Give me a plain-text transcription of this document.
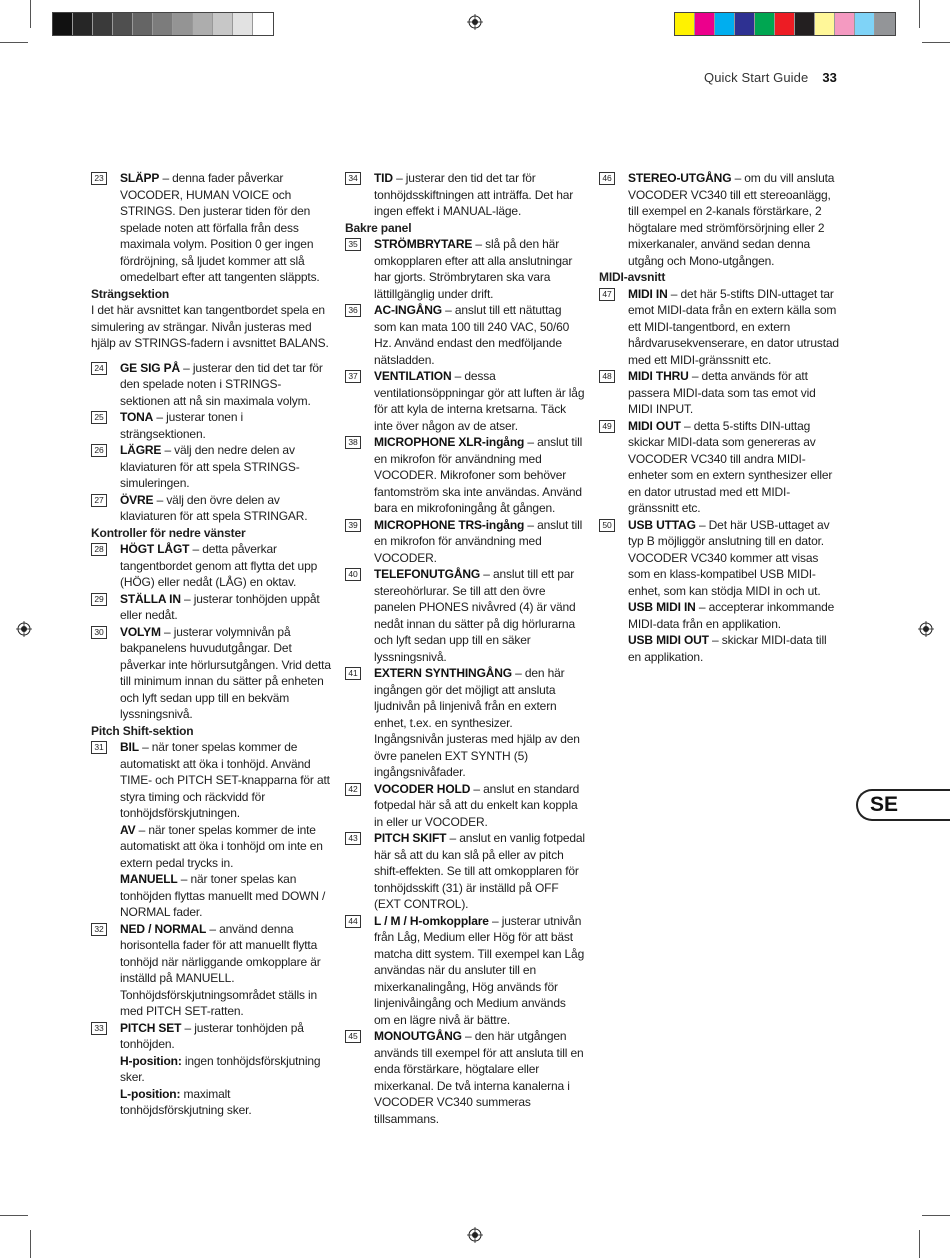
Quick Start Guide 33

23 SLÄPP – denna fader påverkar VOCODER, HUMAN VOICE och STRINGS. Den justerar tiden för den spelade noten att förfalla från dess maximala volym. Position 0 ger ingen fördröjning, så ljudet kommer att slå omedelbart efter att tangenten släppts.

Strängsektion

I det här avsnittet kan tangentbordet spela en simulering av strängar. Nivån justeras med hjälp av STRINGS-fadern i avsnittet BALANS.

24 GE SIG PÅ – justerar den tid det tar för den spelade noten i STRINGS-sektionen att nå sin maximala volym.

25 TONA – justerar tonen i strängsektionen.

26 LÄGRE – välj den nedre delen av klaviaturen för att spela STRINGS-simuleringen.

27 ÖVRE – välj den övre delen av klaviaturen för att spela STRINGAR.

Kontroller för nedre vänster

28 HÖGT LÅGT – detta påverkar tangentbordet genom att flytta det upp (HÖG) eller nedåt (LÅG) en oktav.

29 STÄLLA IN – justerar tonhöjden uppåt eller nedåt.

30 VOLYM – justerar volymnivån på bakpanelens huvudutgångar. Det påverkar inte hörlursutgången. Vrid detta till minimum innan du sätter på enheten och lyft sedan upp till en bekväm lyssningsnivå.

Pitch Shift-sektion

31 BIL – när toner spelas kommer de automatiskt att öka i tonhöjd. Använd TIME- och PITCH SET-knapparna för att styra timing och räckvidd för tonhöjdsförskjutningen.

AV – när toner spelas kommer de inte automatiskt att öka i tonhöjd om inte en extern pedal trycks in.

MANUELL – när toner spelas kan tonhöjden flyttas manuellt med DOWN / NORMAL fader.

32 NED / NORMAL – använd denna horisontella fader för att manuellt flytta tonhöjd när närliggande omkopplare är inställd på MANUELL. Tonhöjdsförskjutningsområdet ställs in med PITCH SET-ratten.

33 PITCH SET – justerar tonhöjden på tonhöjden.

H-position: ingen tonhöjdsförskjutning sker.

L-position: maximalt tonhöjdsförskjutning sker.

34 TID – justerar den tid det tar för tonhöjdsskiftningen att inträffa. Det har ingen effekt i MANUAL-läge.

Bakre panel

35 STRÖMBRYTARE – slå på den här omkopplaren efter att alla anslutningar har gjorts. Strömbrytaren ska vara lättillgänglig under drift.

36 AC-INGÅNG – anslut till ett nätuttag som kan mata 100 till 240 VAC, 50/60 Hz. Använd endast den medföljande nätsladden.

37 VENTILATION – dessa ventilationsöppningar gör att luften är låg för att kyla de interna kretsarna. Täck inte över någon av de atser.

38 MICROPHONE XLR-ingång – anslut till en mikrofon för användning med VOCODER. Mikrofoner som behöver fantomström ska inte användas. Använd bara en mikrofoningång åt gången.

39 MICROPHONE TRS-ingång – anslut till en mikrofon för användning med VOCODER.

40 TELEFONUTGÅNG – anslut till ett par stereohörlurar. Se till att den övre panelen PHONES nivåvred (4) är vänd nedåt innan du sätter på dig hörlurarna och lyft sedan upp till en säker lyssningsnivå.

41 EXTERN SYNTHINGÅNG – den här ingången gör det möjligt att ansluta ljudnivån på linjenivå från en extern enhet, t.ex. en synthesizer. Ingångsnivån justeras med hjälp av den övre panelen EXT SYNTH (5) ingångsnivåfader.

42 VOCODER HOLD – anslut en standard fotpedal här så att du enkelt kan koppla in eller ur VOCODER.

43 PITCH SKIFT – anslut en vanlig fotpedal här så att du kan slå på eller av pitch shift-effekten. Se till att omkopplaren för tonhöjdsskift (31) är inställd på OFF (EXT CONTROL).

44 L / M / H-omkopplare – justerar utnivån från Låg, Medium eller Hög för att bäst matcha ditt system. Till exempel kan Låg användas när du ansluter till en mixerkanalingång, Hög används för linjenivåingång och Medium används om en lägre nivå är bättre.

45 MONOUTGÅNG – den här utgången används till exempel för att ansluta till en enda förstärkare, högtalare eller mixerkanal. De två interna kanalerna i VOCODER VC340 summeras tillsammans.

46 STEREO-UTGÅNG – om du vill ansluta VOCODER VC340 till ett stereoanlägg, till exempel en 2-kanals förstärkare, 2 högtalare med strömförsörjning eller 2 mixerkanaler, använd sedan denna utgång och Mono-utgången.

MIDI-avsnitt

47 MIDI IN – det här 5-stifts DIN-uttaget tar emot MIDI-data från en extern källa som ett MIDI-tangentbord, en extern hårdvarusekvenserare, en dator utrustad med ett MIDI-gränssnitt etc.

48 MIDI THRU – detta används för att passera MIDI-data som tas emot vid MIDI INPUT.

49 MIDI OUT – detta 5-stifts DIN-uttag skickar MIDI-data som genereras av VOCODER VC340 till andra MIDI-enheter som en extern synthesizer eller en dator utrustad med ett MIDI-gränssnitt etc.

50 USB UTTAG – Det här USB-uttaget av typ B möjliggör anslutning till en dator. VOCODER VC340 kommer att visas som en klass-kompatibel USB MIDI-enhet, som kan stödja MIDI in och ut.

USB MIDI IN – accepterar inkommande MIDI-data från en applikation.

USB MIDI OUT – skickar MIDI-data till en applikation.

SE
